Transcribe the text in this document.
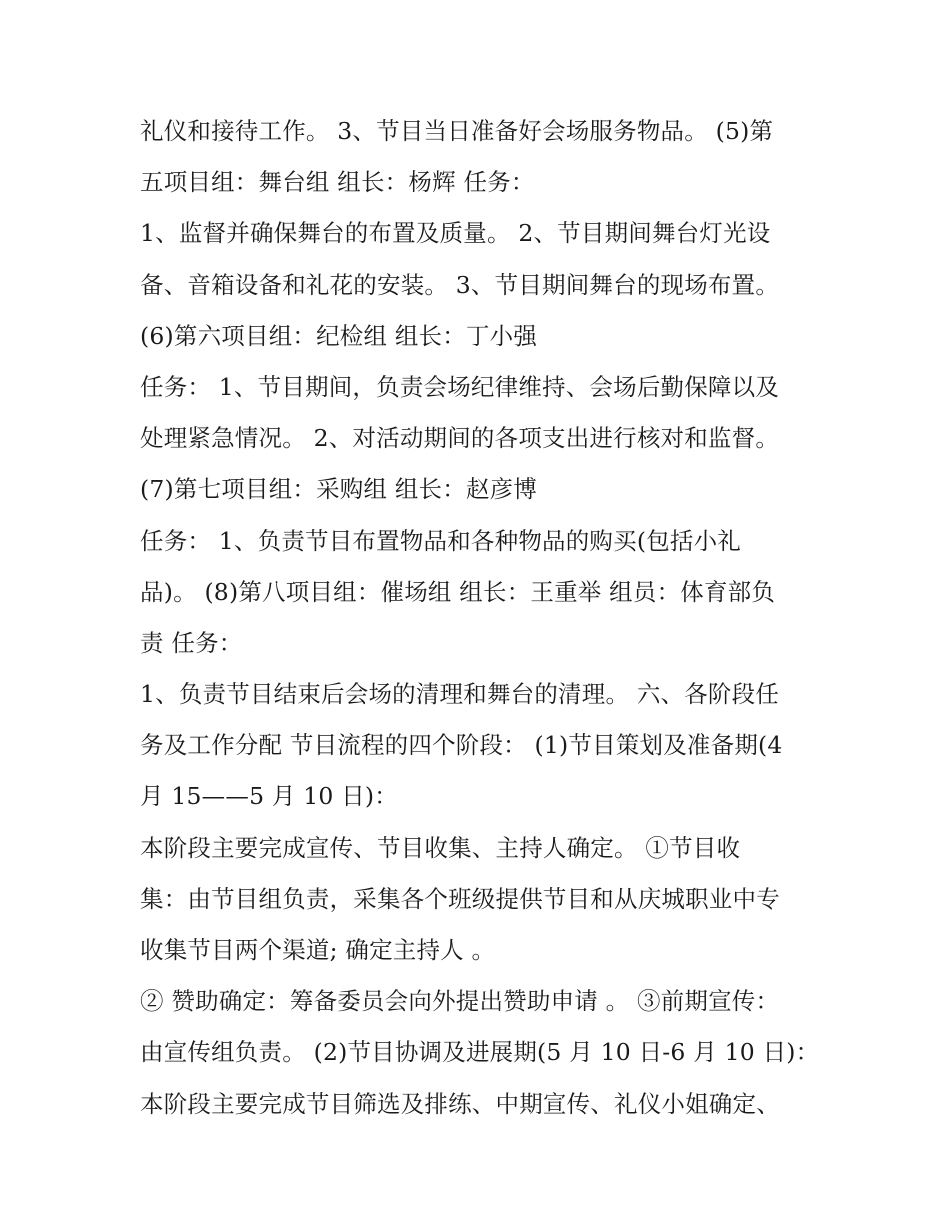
礼仪和接待工作。 3、节目当日准备好会场服务物品。 (5)第
五项目组：舞台组 组长：杨辉 任务：
1、监督并确保舞台的布置及质量。 2、节目期间舞台灯光设
备、音箱设备和礼花的安装。 3、节目期间舞台的现场布置。
(6)第六项目组：纪检组 组长：丁小强
任务： 1、节目期间，负责会场纪律维持、会场后勤保障以及
处理紧急情况。 2、对活动期间的各项支出进行核对和监督。
(7)第七项目组：采购组 组长：赵彦博
任务： 1、负责节目布置物品和各种物品的购买(包括小礼
品)。 (8)第八项目组：催场组 组长：王重举 组员：体育部负
责 任务：
1、负责节目结束后会场的清理和舞台的清理。 六、各阶段任
务及工作分配 节目流程的四个阶段： (1)节目策划及准备期(4
月 15——5 月 10 日)：
本阶段主要完成宣传、节目收集、主持人确定。 ①节目收
集：由节目组负责，采集各个班级提供节目和从庆城职业中专
收集节目两个渠道; 确定主持人 。
② 赞助确定：筹备委员会向外提出赞助申请 。 ③前期宣传：
由宣传组负责。 (2)节目协调及进展期(5 月 10 日-6 月 10 日)：
本阶段主要完成节目筛选及排练、中期宣传、礼仪小姐确定、
